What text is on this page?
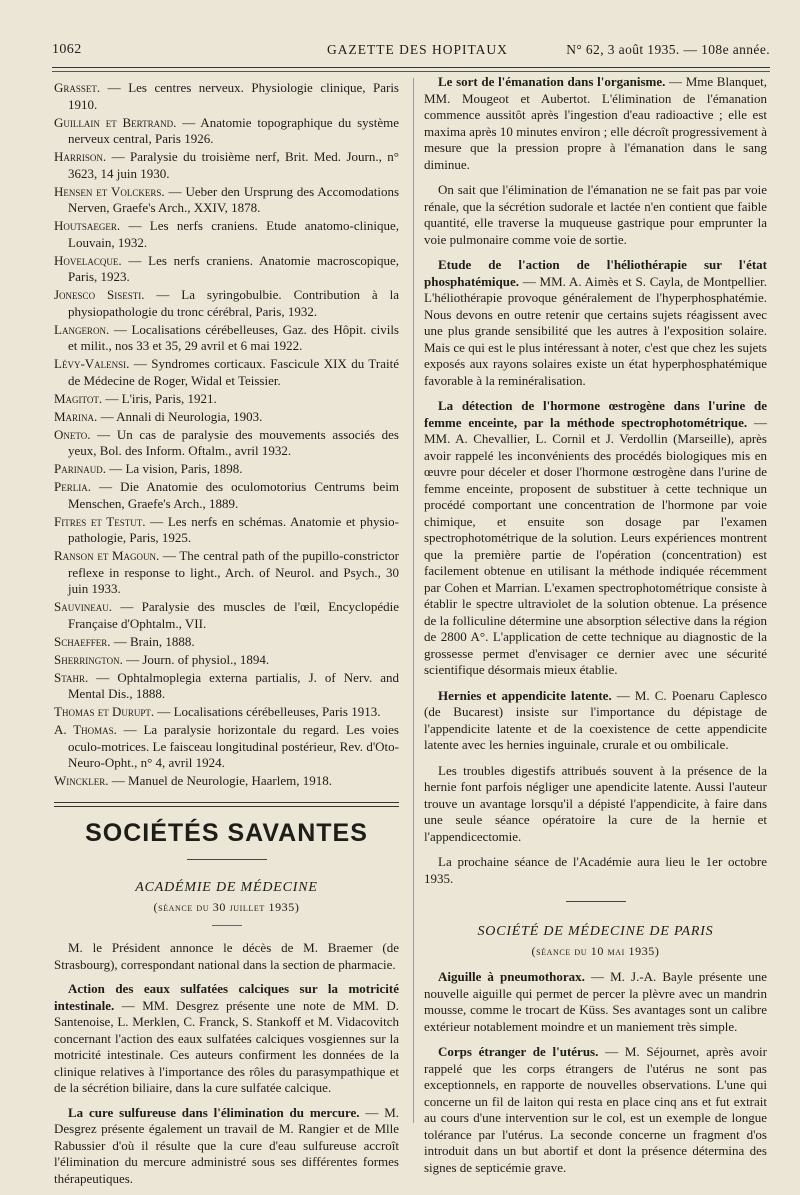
1062	GAZETTE DES HOPITAUX	N° 62, 3 août 1935. — 108e année.
Grasset. — Les centres nerveux. Physiologie clinique, Paris 1910.
Guillain et Bertrand. — Anatomie topographique du système nerveux central, Paris 1926.
Harrison. — Paralysie du troisième nerf, Brit. Med. Journ., n° 3623, 14 juin 1930.
Hensen et Volckers. — Ueber den Ursprung des Accomodations Nerven, Graefe's Arch., XXIV, 1878.
Houtsaeger. — Les nerfs craniens. Etude anatomo-clinique, Louvain, 1932.
Hovelacque. — Les nerfs craniens. Anatomie macroscopique, Paris, 1923.
Jonesco Sisesti. — La syringobulbie. Contribution à la physiopathologie du tronc cérébral, Paris, 1932.
Langeron. — Localisations cérébelleuses, Gaz. des Hôpit. civils et milit., nos 33 et 35, 29 avril et 6 mai 1922.
Lévy-Valensi. — Syndromes corticaux. Fascicule XIX du Traité de Médecine de Roger, Widal et Teissier.
Magitot. — L'iris, Paris, 1921.
Marina. — Annali di Neurologia, 1903.
Oneto. — Un cas de paralysie des mouvements associés des yeux, Bol. des Inform. Oftalm., avril 1932.
Parinaud. — La vision, Paris, 1898.
Perlia. — Die Anatomie des oculomotorius Centrums beim Menschen, Graefe's Arch., 1889.
Fitres et Testut. — Les nerfs en schémas. Anatomie et physio-pathologie, Paris, 1925.
Ranson et Magoun. — The central path of the pupillo-constrictor reflexe in response to light., Arch. of Neurol. and Psych., 30 juin 1933.
Sauvineau. — Paralysie des muscles de l'œil, Encyclopédie Française d'Ophtalm., VII.
Schaeffer. — Brain, 1888.
Sherrington. — Journ. of physiol., 1894.
Stahr. — Ophtalmoplegia externa partialis, J. of Nerv. and Mental Dis., 1888.
Thomas et Durupt. — Localisations cérébelleuses, Paris 1913.
A. Thomas. — La paralysie horizontale du regard. Les voies oculo-motrices. Le faisceau longitudinal postérieur, Rev. d'Oto-Neuro-Opht., n° 4, avril 1924.
Winckler. — Manuel de Neurologie, Haarlem, 1918.
SOCIÉTÉS SAVANTES
ACADÉMIE DE MÉDECINE
(séance du 30 juillet 1935)
M. le Président annonce le décès de M. Braemer (de Strasbourg), correspondant national dans la section de pharmacie.
Action des eaux sulfatées calciques sur la motricité intestinale. — MM. Desgrez présente une note de MM. D. Santenoise, L. Merklen, C. Franck, S. Stankoff et M. Vidacovitch concernant l'action des eaux sulfatées calciques vosgiennes sur la motricité intestinale. Ces auteurs confirment les données de la clinique relatives à l'importance des rôles du parasympathique et de la sécrétion biliaire, dans la cure sulfatée calcique.
La cure sulfureuse dans l'élimination du mercure. — M. Desgrez présente également un travail de M. Rangier et de Mlle Rabussier d'où il résulte que la cure d'eau sulfureuse accroît l'élimination du mercure administré sous ses différentes formes thérapeutiques.
Le sort de l'émanation dans l'organisme. — Mme Blanquet, MM. Mougeot et Aubertot. L'élimination de l'émanation commence aussitôt après l'ingestion d'eau radioactive ; elle est maxima après 10 minutes environ ; elle décroît progressivement à mesure que la pression propre à l'émanation dans le sang diminue.
On sait que l'élimination de l'émanation ne se fait pas par voie rénale, que la sécrétion sudorale et lactée n'en contient que faible quantité, elle traverse la muqueuse gastrique pour emprunter la voie pulmonaire comme voie de sortie.
Etude de l'action de l'héliothérapie sur l'état phosphatémique. — MM. A. Aimès et S. Cayla, de Montpellier. L'héliothérapie provoque généralement de l'hyperphosphatémie. Nous devons en outre retenir que certains sujets réagissent avec une plus grande sensibilité que les autres à l'exposition solaire. Mais ce qui est le plus intéressant à noter, c'est que chez les sujets exposés aux rayons solaires existe un état hyperphosphatémique favorable à la reminéralisation.
La détection de l'hormone œstrogène dans l'urine de femme enceinte, par la méthode spectrophotométrique. — MM. A. Chevallier, L. Cornil et J. Verdollin (Marseille), après avoir rappelé les inconvénients des procédés biologiques mis en œuvre pour déceler et doser l'hormone œstrogène dans l'urine de femme enceinte, proposent de substituer à cette technique un procédé comportant une concentration de l'hormone par voie chimique, et ensuite son dosage par l'examen spectrophotométrique de la solution. Leurs expériences montrent que la première partie de l'opération (concentration) est facilement obtenue en utilisant la méthode indiquée récemment par Cohen et Marrian. L'examen spectrophotométrique consiste à établir le spectre ultraviolet de la solution obtenue. La présence de la folliculine détermine une absorption sélective dans la région de 2800 A°. L'application de cette technique au diagnostic de la grossesse permet d'envisager ce dernier avec une sécurité scientifique désormais mieux établie.
Hernies et appendicite latente. — M. C. Poenaru Caplesco (de Bucarest) insiste sur l'importance du dépistage de l'appendicite latente et de la coexistence de cette appendicite latente avec les hernies inguinale, crurale et ou ombilicale.
Les troubles digestifs attribués souvent à la présence de la hernie font parfois négliger une apendicite latente. Aussi l'auteur trouve un avantage lorsqu'il a dépisté l'appendicite, à faire dans une seule séance opératoire la cure de la hernie et l'appendicectomie.
La prochaine séance de l'Académie aura lieu le 1er octobre 1935.
SOCIÉTÉ DE MÉDECINE DE PARIS
(séance du 10 mai 1935)
Aiguille à pneumothorax. — M. J.-A. Bayle présente une nouvelle aiguille qui permet de percer la plèvre avec un mandrin mousse, comme le trocart de Küss. Ses avantages sont un calibre extérieur notablement moindre et un maniement très simple.
Corps étranger de l'utérus. — M. Séjournet, après avoir rappelé que les corps étrangers de l'utérus ne sont pas exceptionnels, en rapporte de nouvelles observations. L'une qui concerne un fil de laiton qui resta en place cinq ans et fut extrait au cours d'une intervention sur le col, est un exemple de longue tolérance par l'utérus. La seconde concerne un fragment d'os introduit dans un but abortif et dont la présence détermina des signes de septicémie grave.
